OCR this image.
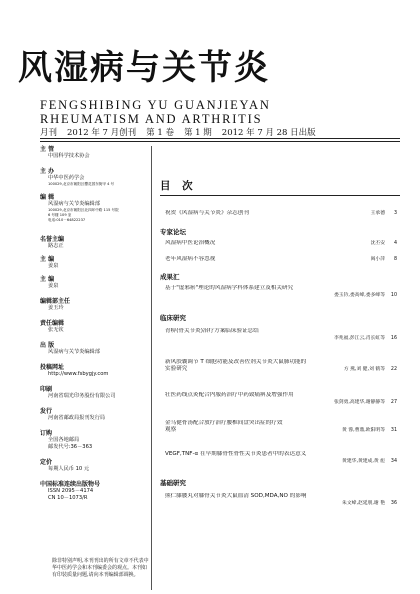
风湿病与关节炎
FENGSHIBING YU GUANJIEYAN
RHEUMATISM AND ARTHRITIS
月刊 2012 年 7 月创刊 第 1 卷 第 1 期 2012 年 7 月 28 日出版
主 管
中国科学技术协会
主 办
中华中医药学会
100029,北京市朝阳区樱花园东街甲 4 号
编 辑
风湿病与关节炎编辑部
100029,北京市朝阳区北四环中路 115 号院
6 号楼 109 室
电话:010－64822237
名誉主编
路志正
主 编
姜泉
主 编
姜泉
编辑部主任
姜玉玲
责任编辑
张无钦
出 版
风湿病与关节炎编辑部
投稿网址
http://www.fsbygjy.com
印刷
河南省瑞光印务股份有限公司
发行
河南省邮政局报刊发行局
订购
全国各地邮局
邮发代号:36－363
定价
每期人民币 10 元
中国标准连续出版物号
ISSN 2095－4174
CN 10－1073/R
除非特别声明,本刊刊出的所有文章不代表中华中医药学会和本刊编委会的观点。本刊如有印装质量问题,请向本刊编辑部调换。
目 次
祝贺《风湿病与关节炎》杂志创刊	王承德	3
专家论坛
风湿病中医论治概况	沈丕安	4
老年风湿病不容忽视	阎小萍	8
成果汇
基于"虚邪瘀"理论的风湿病学科体系建立及相关研究
娄玉钤,娄高峰,娄多峰等	10
临床研究
青痹(骨关节炎)治疗方案临床验证总结
李兆福,彭江云,肖长虹等	16
新风胶囊调节 T 细胞功能及改善佐剂关节炎大鼠肺功能的
实验研究	方 燕,刘 健,刘 鹤等	22
壮医药线点灸配合内服药治疗中药致痛痹及增强作用
张剑勇,高建华,谢静静等	27
金乌健骨汤配合放疗治疗腰椎间盘突出症的疗效
观察	黄 蓉,曹鼎,欧阳明等	31
VEGF,TNF-α 在早期膝骨性骨性关节炎患者中的表达意义
黄建华,黄建成,黄 彪	34
基础研究
熊仁膝腰丸对膝骨关节炎大鼠血清 SOD,MDA,NO 的影响
朱文峰,赵延朋,谢 艳	36
